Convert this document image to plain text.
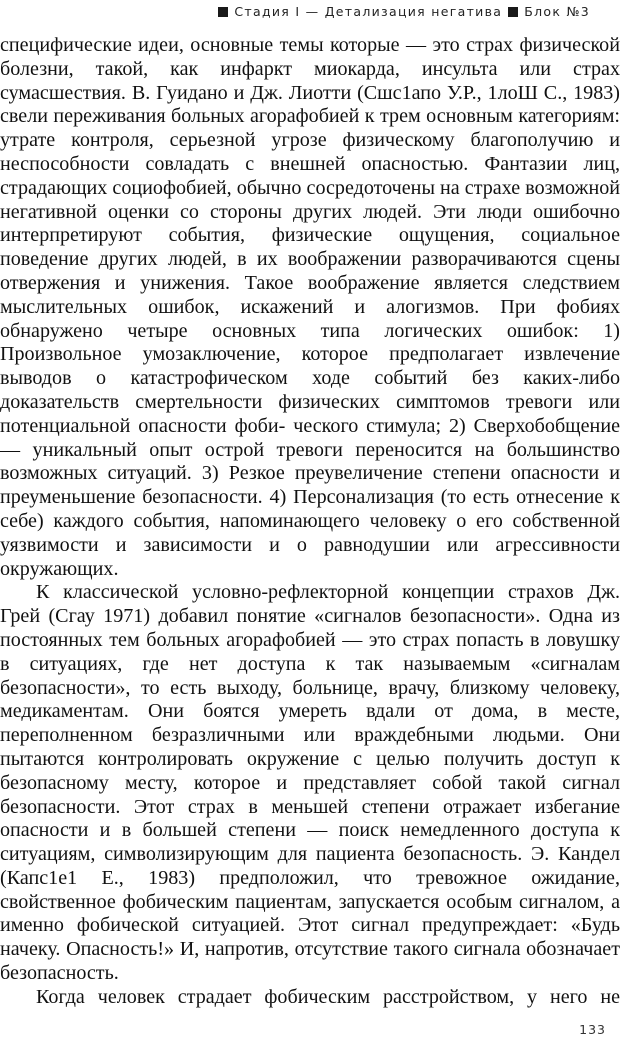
Стадия I — Детализация негатива Блок №3

специфические идеи, основные темы которые — это страх физической болезни, такой, как инфаркт миокарда, инсульта или страх сумасшествия. В. Гуидано и Дж. Лиотти (Сшс1апо У.Р., 1лоШ С., 1983) свели переживания больных агорафобией к трем основным категориям: утрате контроля, серьезной угрозе физическому благополучию и неспособности совладать с внешней опасностью. Фантазии лиц, страдающих социофобией, обычно сосредоточены на страхе возможной негативной оценки со стороны других людей. Эти люди ошибочно интерпретируют события, физические ощущения, социальное поведение других людей, в их воображении разворачиваются сцены отвержения и унижения. Такое воображение является следствием мыслительных ошибок, искажений и алогизмов. При фобиях обнаружено четыре основных типа логических ошибок: 1) Произвольное умозаключение, которое предполагает извлечение выводов о катастрофическом ходе событий без каких-либо доказательств смертельности физических симптомов тревоги или потенциальной опасности фоби- ческого стимула; 2) Сверхобобщение — уникальный опыт острой тревоги переносится на большинство возможных ситуаций. 3) Резкое преувеличение степени опасности и преуменьшение безопасности. 4) Персонализация (то есть отнесение к себе) каждого события, напоминающего человеку о его собственной уязвимости и зависимости и о равнодушии или агрессивности окружающих.

К классической условно-рефлекторной концепции страхов Дж. Грей (Сгау 1971) добавил понятие «сигналов безопасности». Одна из постоянных тем больных агорафобией — это страх попасть в ловушку в ситуациях, где нет доступа к так называемым «сигналам безопасности», то есть выходу, больнице, врачу, близкому человеку, медикаментам. Они боятся умереть вдали от дома, в месте, переполненном безразличными или враждебными людьми. Они пытаются контролировать окружение с целью получить доступ к безопасному месту, которое и представляет собой такой сигнал безопасности. Этот страх в меньшей степени отражает избегание опасности и в большей степени — поиск немедленного доступа к ситуациям, символизирующим для пациента безопасность. Э. Кандел (Капс1е1 Е., 1983) предположил, что тревожное ожидание, свойственное фобическим пациентам, запускается особым сигналом, а именно фобической ситуацией. Этот сигнал предупреждает: «Будь начеку. Опасность!» И, напротив, отсутствие такого сигнала обозначает безопасность.

Когда человек страдает фобическим расстройством, у него не

133
